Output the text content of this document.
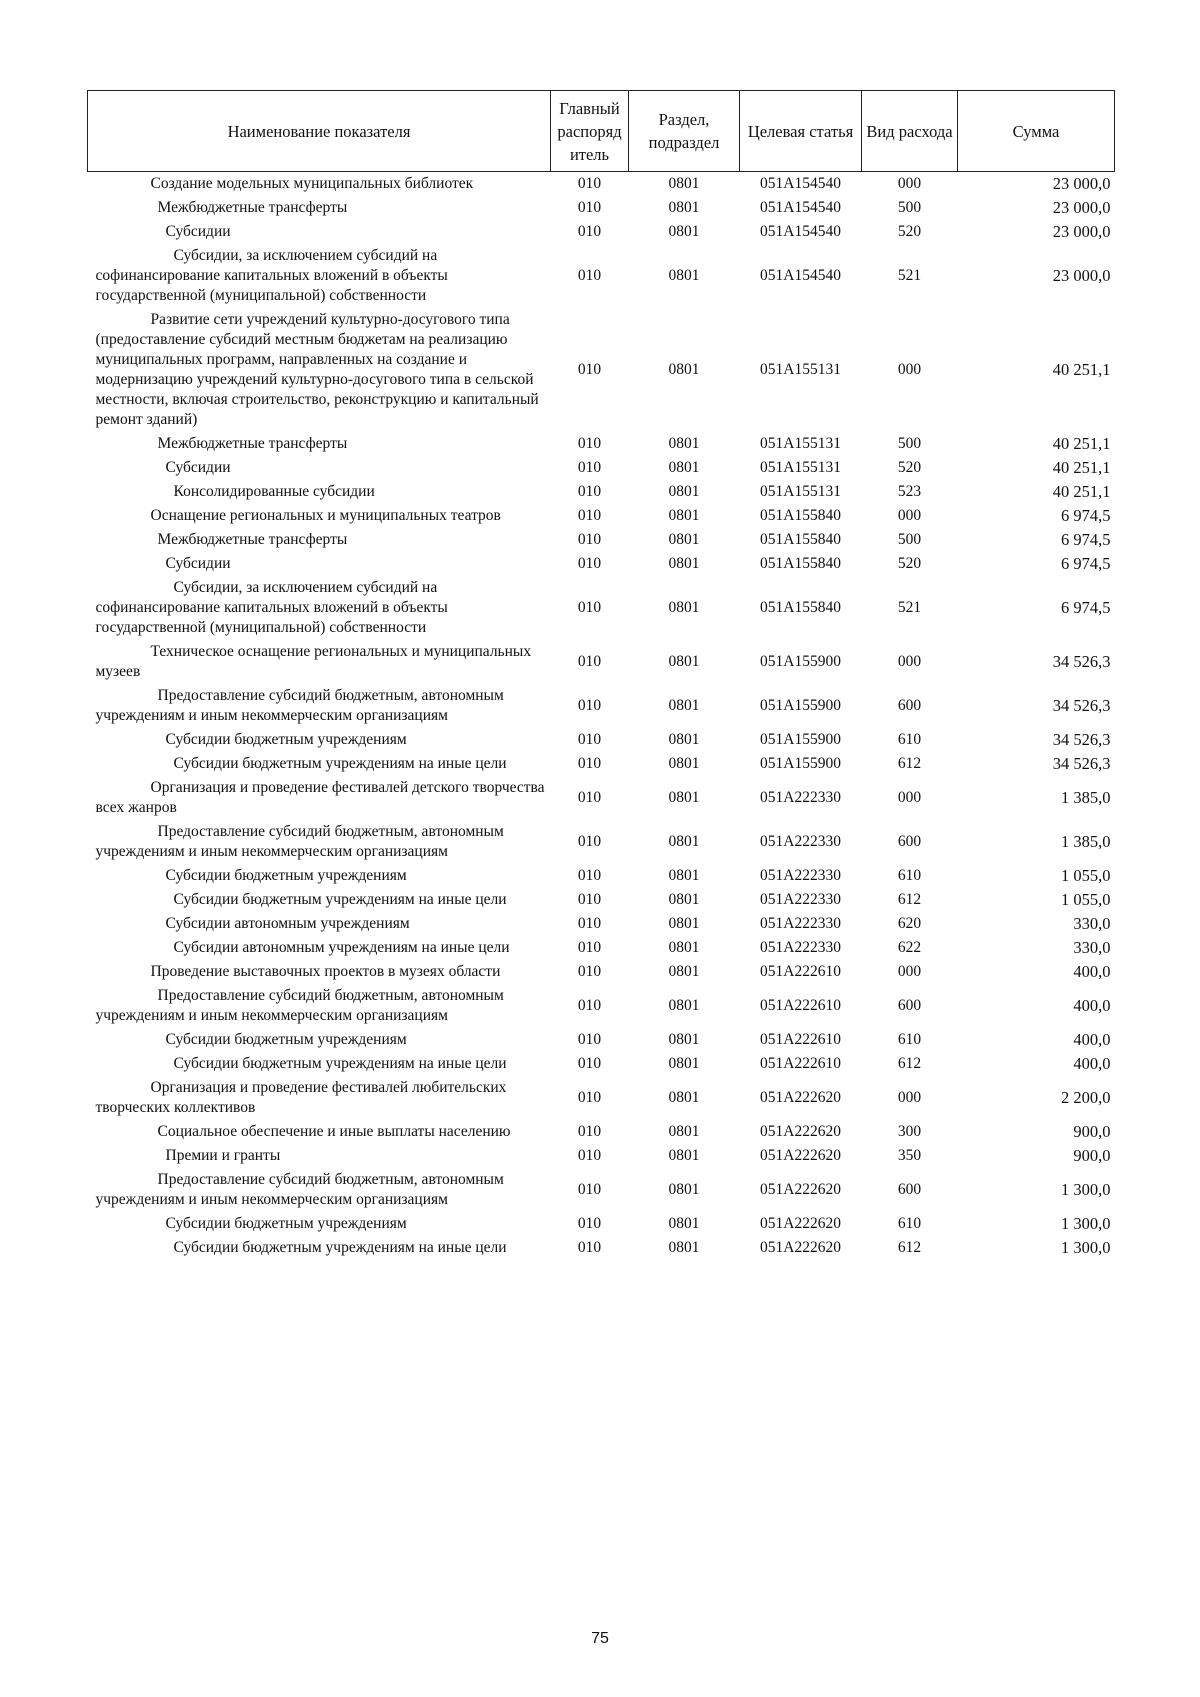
Наименование показателя	Главный распоряд итель	Раздел, подраздел	Целевая статья	Вид расхода	Сумма
Создание модельных муниципальных библиотек	010	0801	051A154540	000	23 000,0
Межбюджетные трансферты	010	0801	051A154540	500	23 000,0
Субсидии	010	0801	051A154540	520	23 000,0
Субсидии, за исключением субсидий на софинансирование капитальных вложений в объекты государственной (муниципальной) собственности	010	0801	051A154540	521	23 000,0
Развитие сети учреждений культурно-досугового типа (предоставление субсидий местным бюджетам на реализацию муниципальных программ, направленных на создание и модернизацию учреждений культурно-досугового типа в сельской местности, включая строительство, реконструкцию и капитальный ремонт зданий)	010	0801	051A155131	000	40 251,1
Межбюджетные трансферты	010	0801	051A155131	500	40 251,1
Субсидии	010	0801	051A155131	520	40 251,1
Консолидированные субсидии	010	0801	051A155131	523	40 251,1
Оснащение региональных и муниципальных театров	010	0801	051A155840	000	6 974,5
Межбюджетные трансферты	010	0801	051A155840	500	6 974,5
Субсидии	010	0801	051A155840	520	6 974,5
Субсидии, за исключением субсидий на софинансирование капитальных вложений в объекты государственной (муниципальной) собственности	010	0801	051A155840	521	6 974,5
Техническое оснащение региональных и муниципальных музеев	010	0801	051A155900	000	34 526,3
Предоставление субсидий бюджетным, автономным учреждениям и иным некоммерческим организациям	010	0801	051A155900	600	34 526,3
Субсидии бюджетным учреждениям	010	0801	051A155900	610	34 526,3
Субсидии бюджетным учреждениям на иные цели	010	0801	051A155900	612	34 526,3
Организация и проведение фестивалей детского творчества всех жанров	010	0801	051A222330	000	1 385,0
Предоставление субсидий бюджетным, автономным учреждениям и иным некоммерческим организациям	010	0801	051A222330	600	1 385,0
Субсидии бюджетным учреждениям	010	0801	051A222330	610	1 055,0
Субсидии бюджетным учреждениям на иные цели	010	0801	051A222330	612	1 055,0
Субсидии автономным учреждениям	010	0801	051A222330	620	330,0
Субсидии автономным учреждениям на иные цели	010	0801	051A222330	622	330,0
Проведение выставочных проектов в музеях области	010	0801	051A222610	000	400,0
Предоставление субсидий бюджетным, автономным учреждениям и иным некоммерческим организациям	010	0801	051A222610	600	400,0
Субсидии бюджетным учреждениям	010	0801	051A222610	610	400,0
Субсидии бюджетным учреждениям на иные цели	010	0801	051A222610	612	400,0
Организация и проведение фестивалей любительских творческих коллективов	010	0801	051A222620	000	2 200,0
Социальное обеспечение и иные выплаты населению	010	0801	051A222620	300	900,0
Премии и гранты	010	0801	051A222620	350	900,0
Предоставление субсидий бюджетным, автономным учреждениям и иным некоммерческим организациям	010	0801	051A222620	600	1 300,0
Субсидии бюджетным учреждениям	010	0801	051A222620	610	1 300,0
Субсидии бюджетным учреждениям на иные цели	010	0801	051A222620	612	1 300,0
75
